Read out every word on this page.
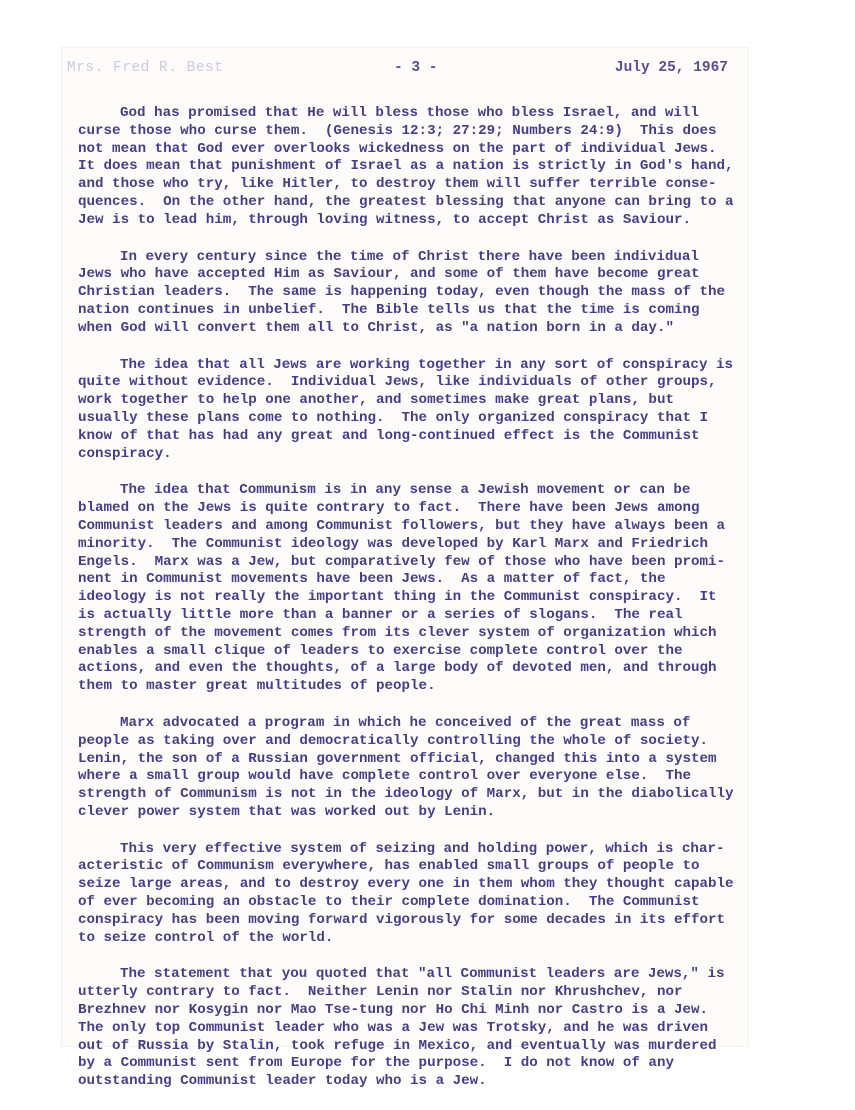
Mrs. Fred R. Best	- 3 -	July 25, 1967
God has promised that He will bless those who bless Israel, and will
curse those who curse them.  (Genesis 12:3; 27:29; Numbers 24:9)  This does
not mean that God ever overlooks wickedness on the part of individual Jews.
It does mean that punishment of Israel as a nation is strictly in God's hand,
and those who try, like Hitler, to destroy them will suffer terrible conse-
quences.  On the other hand, the greatest blessing that anyone can bring to a
Jew is to lead him, through loving witness, to accept Christ as Saviour.
In every century since the time of Christ there have been individual
Jews who have accepted Him as Saviour, and some of them have become great
Christian leaders.  The same is happening today, even though the mass of the
nation continues in unbelief.  The Bible tells us that the time is coming
when God will convert them all to Christ, as "a nation born in a day."
The idea that all Jews are working together in any sort of conspiracy is
quite without evidence.  Individual Jews, like individuals of other groups,
work together to help one another, and sometimes make great plans, but
usually these plans come to nothing.  The only organized conspiracy that I
know of that has had any great and long-continued effect is the Communist
conspiracy.
The idea that Communism is in any sense a Jewish movement or can be
blamed on the Jews is quite contrary to fact.  There have been Jews among
Communist leaders and among Communist followers, but they have always been a
minority.  The Communist ideology was developed by Karl Marx and Friedrich
Engels.  Marx was a Jew, but comparatively few of those who have been promi-
nent in Communist movements have been Jews.  As a matter of fact, the
ideology is not really the important thing in the Communist conspiracy.  It
is actually little more than a banner or a series of slogans.  The real
strength of the movement comes from its clever system of organization which
enables a small clique of leaders to exercise complete control over the
actions, and even the thoughts, of a large body of devoted men, and through
them to master great multitudes of people.
Marx advocated a program in which he conceived of the great mass of
people as taking over and democratically controlling the whole of society.
Lenin, the son of a Russian government official, changed this into a system
where a small group would have complete control over everyone else.  The
strength of Communism is not in the ideology of Marx, but in the diabolically
clever power system that was worked out by Lenin.
This very effective system of seizing and holding power, which is char-
acteristic of Communism everywhere, has enabled small groups of people to
seize large areas, and to destroy every one in them whom they thought capable
of ever becoming an obstacle to their complete domination.  The Communist
conspiracy has been moving forward vigorously for some decades in its effort
to seize control of the world.
The statement that you quoted that "all Communist leaders are Jews," is
utterly contrary to fact.  Neither Lenin nor Stalin nor Khrushchev, nor
Brezhnev nor Kosygin nor Mao Tse-tung nor Ho Chi Minh nor Castro is a Jew.
The only top Communist leader who was a Jew was Trotsky, and he was driven
out of Russia by Stalin, took refuge in Mexico, and eventually was murdered
by a Communist sent from Europe for the purpose.  I do not know of any
outstanding Communist leader today who is a Jew.
